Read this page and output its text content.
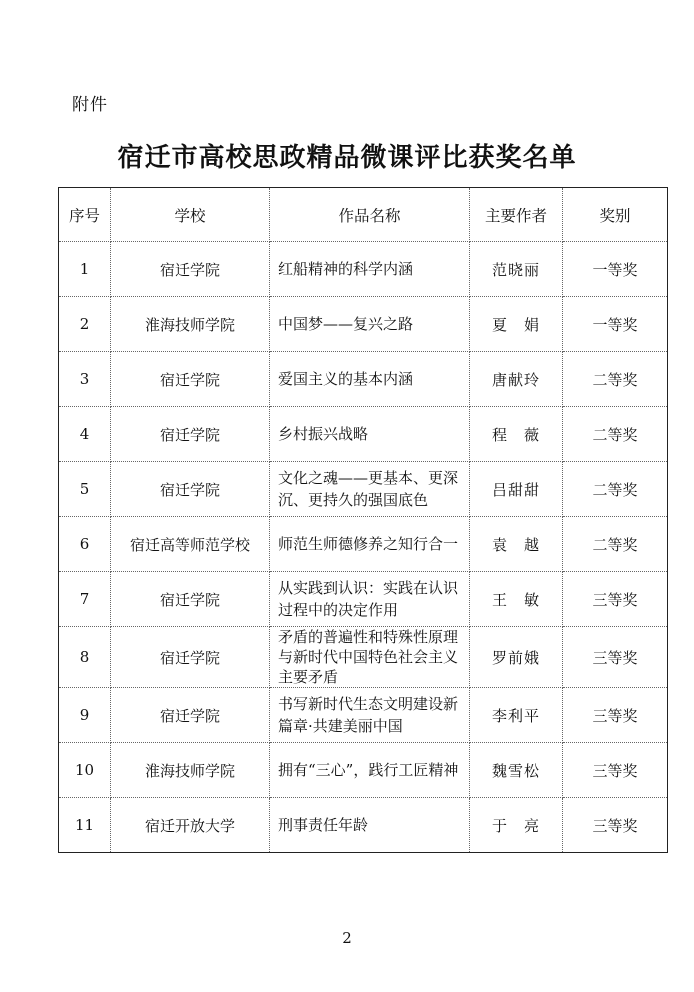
附件
宿迁市高校思政精品微课评比获奖名单
序号	学校	作品名称	主要作者	奖别
1	宿迁学院	红船精神的科学内涵	范晓丽	一等奖
2	淮海技师学院	中国梦——复兴之路	夏　娟	一等奖
3	宿迁学院	爱国主义的基本内涵	唐献玲	二等奖
4	宿迁学院	乡村振兴战略	程　薇	二等奖
5	宿迁学院	文化之魂——更基本、更深沉、更持久的强国底色	吕甜甜	二等奖
6	宿迁高等师范学校	师范生师德修养之知行合一	袁　越	二等奖
7	宿迁学院	从实践到认识：实践在认识过程中的决定作用	王　敏	三等奖
8	宿迁学院	矛盾的普遍性和特殊性原理与新时代中国特色社会主义主要矛盾	罗前娥	三等奖
9	宿迁学院	书写新时代生态文明建设新篇章·共建美丽中国	李利平	三等奖
10	淮海技师学院	拥有“三心”，践行工匠精神	魏雪松	三等奖
11	宿迁开放大学	刑事责任年龄	于　亮	三等奖
2
